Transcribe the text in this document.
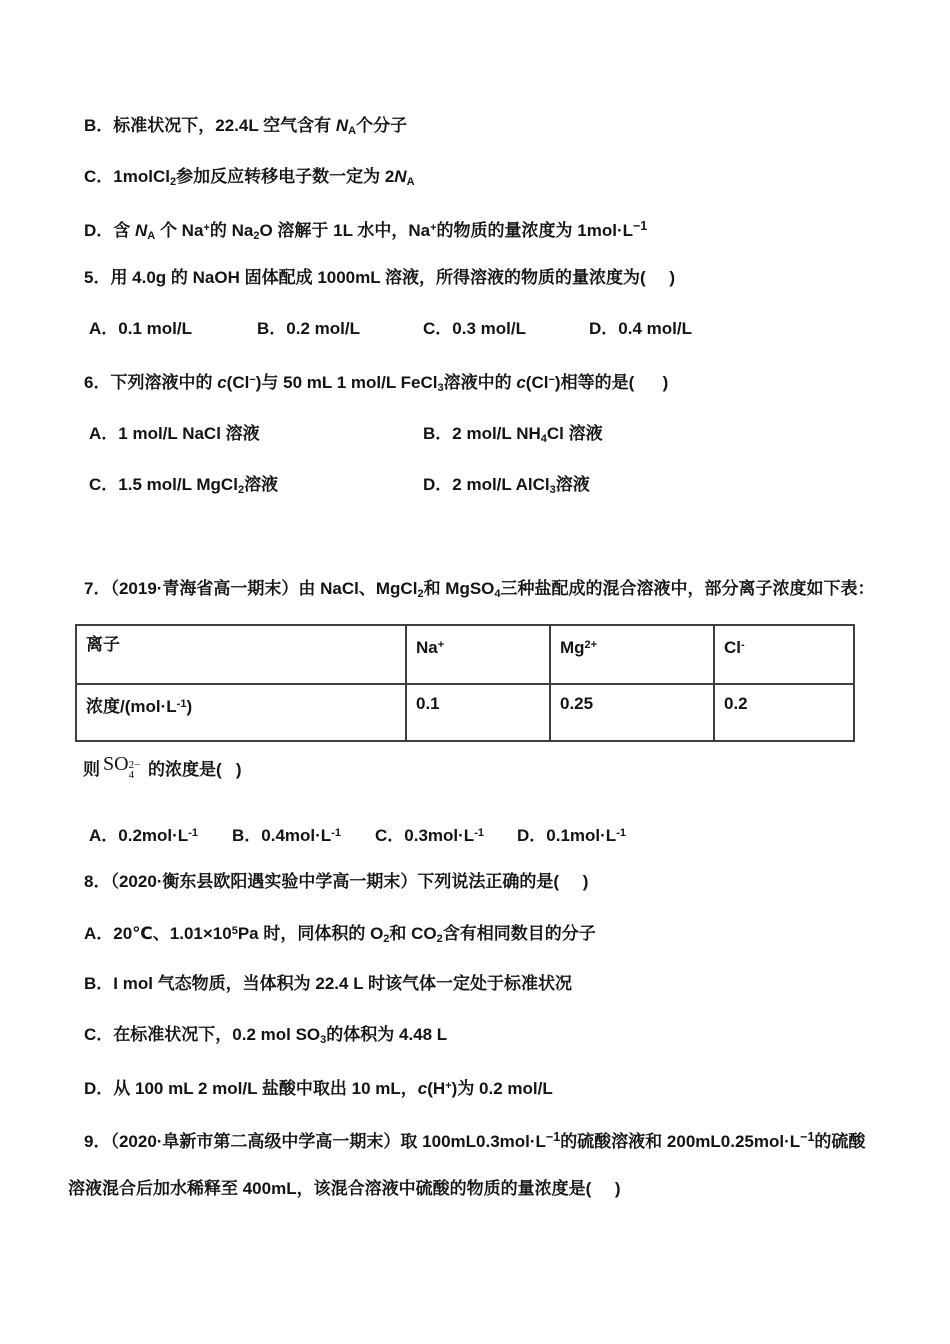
B．标准状况下，22.4L 空气含有 NA个分子
C．1molCl2参加反应转移电子数一定为 2NA
D．含 NA 个 Na+的 Na2O 溶解于 1L 水中，Na+的物质的量浓度为 $1mol\cdot L^{-1}$
5．用 4.0g 的 NaOH 固体配成 1000mL 溶液，所得溶液的物质的量浓度为(     )
A．0.1 mol/L	B．0.2 mol/L	C．0.3 mol/L	D．0.4 mol/L
6．下列溶液中的 c(Cl−)与 50 mL 1 mol/L FeCl3溶液中的 c(Cl−)相等的是(      )
A．1 mol/L NaCl 溶液	B．2 mol/L NH4Cl 溶液
C．1.5 mol/L MgCl2溶液	D．2 mol/L AlCl3溶液
7．（2019·青海省高一期末）由 NaCl、MgCl2和 MgSO4三种盐配成的混合溶液中，部分离子浓度如下表：
则 SO 2−
4 的浓度是(   )
A．$0.2mol\cdot L^{-1}$ B．$0.4mol\cdot L^{-1}$ C．$0.3mol\cdot L^{-1}$ D．$0.1mol\cdot L^{-1}$
8．（2020·衡东县欧阳遇实验中学高一期末）下列说法正确的是(     )
A．20℃、$1.01\times 10^5Pa$ 时，同体积的 O2和 CO2含有相同数目的分子
B．I mol 气态物质，当体积为 22.4 L 时该气体一定处于标准状况
C．在标准状况下，0.2 mol SO3的体积为 4.48 L
D．从 100 mL 2 mol/L 盐酸中取出 10 mL，c(H+)为 0.2 mol/L
9．（2020·阜新市第二高级中学高一期末）取 $100mL0.3mol\cdot L^{-1}$的硫酸溶液和 $200mL0.25mol\cdot L^{-1}$的硫酸
溶液混合后加水稀释至 400mL，该混合溶液中硫酸的物质的量浓度是(     )
离子	Na+	$Mg^{2+}$	Cl-
浓度$/(mol\cdot L^{-1})$	0.1	0.25	0.2
